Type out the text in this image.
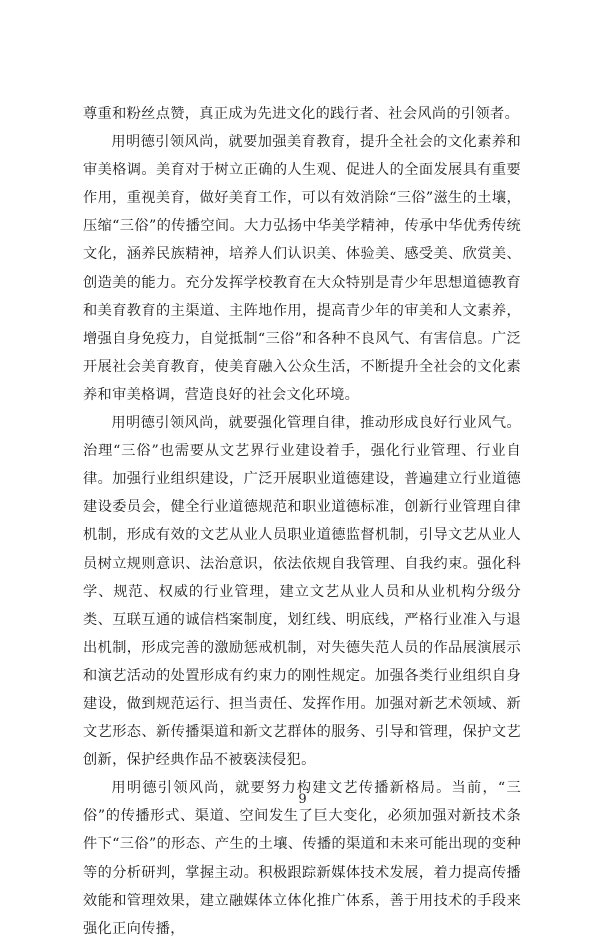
尊重和粉丝点赞，真正成为先进文化的践行者、社会风尚的引领者。

用明德引领风尚，就要加强美育教育，提升全社会的文化素养和审美格调。美育对于树立正确的人生观、促进人的全面发展具有重要作用，重视美育，做好美育工作，可以有效消除“三俗”滋生的土壤，压缩“三俗”的传播空间。大力弘扬中华美学精神，传承中华优秀传统文化，涵养民族精神，培养人们认识美、体验美、感受美、欣赏美、创造美的能力。充分发挥学校教育在大众特别是青少年思想道德教育和美育教育的主渠道、主阵地作用，提高青少年的审美和人文素养，增强自身免疫力，自觉抵制“三俗”和各种不良风气、有害信息。广泛开展社会美育教育，使美育融入公众生活，不断提升全社会的文化素养和审美格调，营造良好的社会文化环境。

用明德引领风尚，就要强化管理自律，推动形成良好行业风气。治理“三俗”也需要从文艺界行业建设着手，强化行业管理、行业自律。加强行业组织建设，广泛开展职业道德建设，普遍建立行业道德建设委员会，健全行业道德规范和职业道德标准，创新行业管理自律机制，形成有效的文艺从业人员职业道德监督机制，引导文艺从业人员树立规则意识、法治意识，依法依规自我管理、自我约束。强化科学、规范、权威的行业管理，建立文艺从业人员和从业机构分级分类、互联互通的诚信档案制度，划红线、明底线，严格行业准入与退出机制，形成完善的激励惩戒机制，对失德失范人员的作品展演展示和演艺活动的处置形成有约束力的刚性规定。加强各类行业组织自身建设，做到规范运行、担当责任、发挥作用。加强对新艺术领域、新文艺形态、新传播渠道和新文艺群体的服务、引导和管理，保护文艺创新，保护经典作品不被亵渎侵犯。

用明德引领风尚，就要努力构建文艺传播新格局。当前，“三俗”的传播形式、渠道、空间发生了巨大变化，必须加强对新技术条件下“三俗”的形态、产生的土壤、传播的渠道和未来可能出现的变种等的分析研判，掌握主动。积极跟踪新媒体技术发展，着力提高传播效能和管理效果，建立融媒体立体化推广体系，善于用技术的手段来强化正向传播，

9
